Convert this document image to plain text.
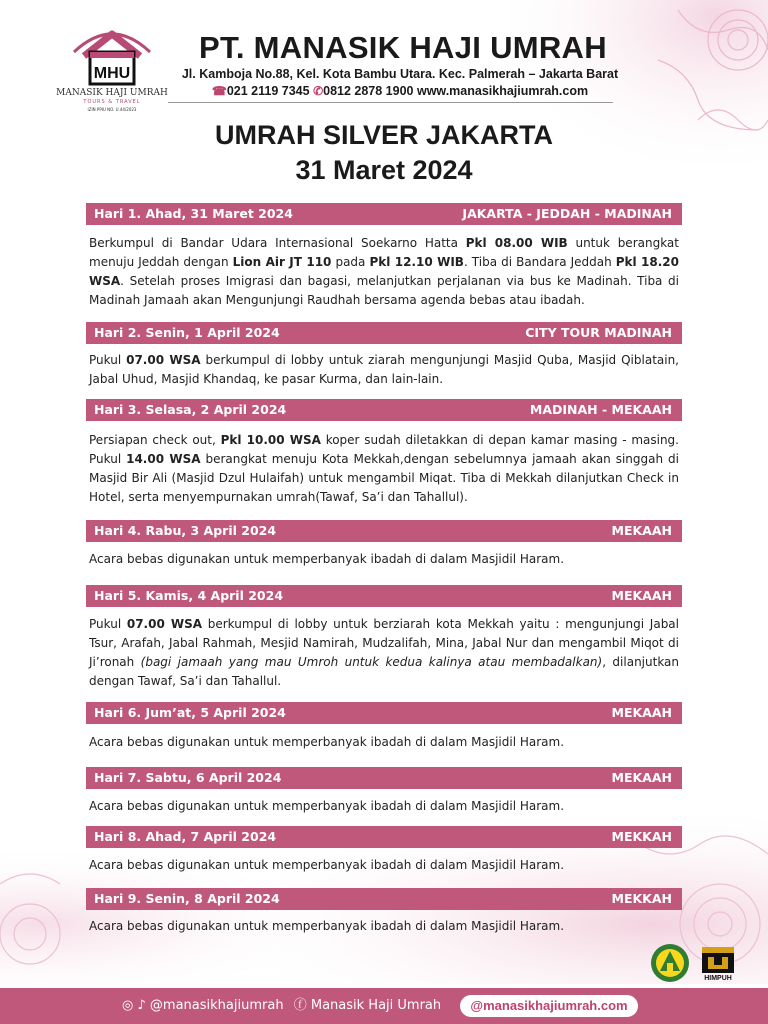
MHU
MANASIK HAJI UMRAH
TOURS & TRAVEL
IZIN PPIU NO. U.44/2023
PT. MANASIK HAJI UMRAH
Jl. Kamboja No.88, Kel. Kota Bambu Utara. Kec. Palmerah – Jakarta Barat
☎021 2119 7345 ✆0812 2878 1900 www.manasikhajiumrah.com
UMRAH SILVER JAKARTA
31 Maret 2024
Hari 1. Ahad, 31 Maret 2024	JAKARTA - JEDDAH - MADINAH
Berkumpul di Bandar Udara Internasional Soekarno Hatta Pkl 08.00 WIB untuk berangkat menuju Jeddah dengan Lion Air JT 110 pada Pkl 12.10 WIB. Tiba di Bandara Jeddah Pkl 18.20 WSA. Setelah proses Imigrasi dan bagasi, melanjutkan perjalanan via bus ke Madinah. Tiba di Madinah Jamaah akan Mengunjungi Raudhah bersama agenda bebas atau ibadah.
Hari 2. Senin, 1 April 2024	CITY TOUR MADINAH
Pukul 07.00 WSA berkumpul di lobby untuk ziarah mengunjungi Masjid Quba, Masjid Qiblatain, Jabal Uhud, Masjid Khandaq, ke pasar Kurma, dan lain-lain.
Hari 3. Selasa, 2 April 2024	MADINAH - MEKAAH
Persiapan check out, Pkl 10.00 WSA koper sudah diletakkan di depan kamar masing - masing. Pukul 14.00 WSA berangkat menuju Kota Mekkah,dengan sebelumnya jamaah akan singgah di Masjid Bir Ali (Masjid Dzul Hulaifah) untuk mengambil Miqat. Tiba di Mekkah dilanjutkan Check in Hotel, serta menyempurnakan umrah(Tawaf, Sa’i dan Tahallul).
Hari 4. Rabu, 3 April 2024	MEKAAH
Acara bebas digunakan untuk memperbanyak ibadah di dalam Masjidil Haram.
Hari 5. Kamis, 4 April 2024	MEKAAH
Pukul 07.00 WSA berkumpul di lobby untuk berziarah kota Mekkah yaitu : mengunjungi Jabal Tsur, Arafah, Jabal Rahmah, Mesjid Namirah, Mudzalifah, Mina, Jabal Nur dan mengambil Miqot di Ji’ronah (bagi jamaah yang mau Umroh untuk kedua kalinya atau membadalkan), dilanjutkan dengan Tawaf, Sa’i dan Tahallul.
Hari 6. Jum’at, 5 April 2024	MEKAAH
Acara bebas digunakan untuk memperbanyak ibadah di dalam Masjidil Haram.
Hari 7. Sabtu, 6 April 2024	MEKAAH
Acara bebas digunakan untuk memperbanyak ibadah di dalam Masjidil Haram.
Hari 8. Ahad, 7 April 2024	MEKKAH
Acara bebas digunakan untuk memperbanyak ibadah di dalam Masjidil Haram.
Hari 9. Senin, 8 April 2024	MEKKAH
Acara bebas digunakan untuk memperbanyak ibadah di dalam Masjidil Haram.
HIMPUH
◎ ♪ @manasikhajiumrah ⓕ Manasik Haji Umrah	@manasikhajiumrah.com
